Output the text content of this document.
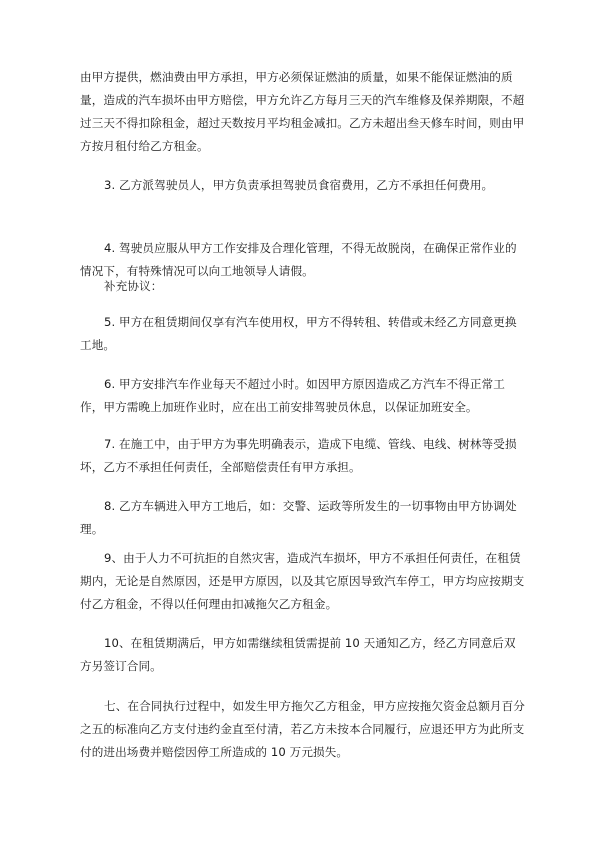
由甲方提供，燃油费由甲方承担，甲方必须保证燃油的质量，如果不能保证燃油的质量，造成的汽车损坏由甲方赔偿，甲方允许乙方每月三天的汽车维修及保养期限，不超过三天不得扣除租金，超过天数按月平均租金减扣。乙方未超出叁天修车时间，则由甲方按月租付给乙方租金。

3. 乙方派驾驶员人，甲方负责承担驾驶员食宿费用，乙方不承担任何费用。

4. 驾驶员应服从甲方工作安排及合理化管理，不得无故脱岗，在确保正常作业的情况下，有特殊情况可以向工地领导人请假。

补充协议：

5. 甲方在租赁期间仅享有汽车使用权，甲方不得转租、转借或未经乙方同意更换工地。

6. 甲方安排汽车作业每天不超过小时。如因甲方原因造成乙方汽车不得正常工作，甲方需晚上加班作业时，应在出工前安排驾驶员休息，以保证加班安全。

7. 在施工中，由于甲方为事先明确表示，造成下电缆、管线、电线、树林等受损坏，乙方不承担任何责任，全部赔偿责任有甲方承担。

8. 乙方车辆进入甲方工地后，如：交警、运政等所发生的一切事物由甲方协调处理。

9、由于人力不可抗拒的自然灾害，造成汽车损坏，甲方不承担任何责任，在租赁期内，无论是自然原因，还是甲方原因，以及其它原因导致汽车停工，甲方均应按期支付乙方租金，不得以任何理由扣减拖欠乙方租金。

10、在租赁期满后，甲方如需继续租赁需提前 10 天通知乙方，经乙方同意后双方另签订合同。

七、在合同执行过程中，如发生甲方拖欠乙方租金，甲方应按拖欠资金总额月百分之五的标准向乙方支付违约金直至付清，若乙方未按本合同履行，应退还甲方为此所支付的进出场费并赔偿因停工所造成的 10 万元损失。
